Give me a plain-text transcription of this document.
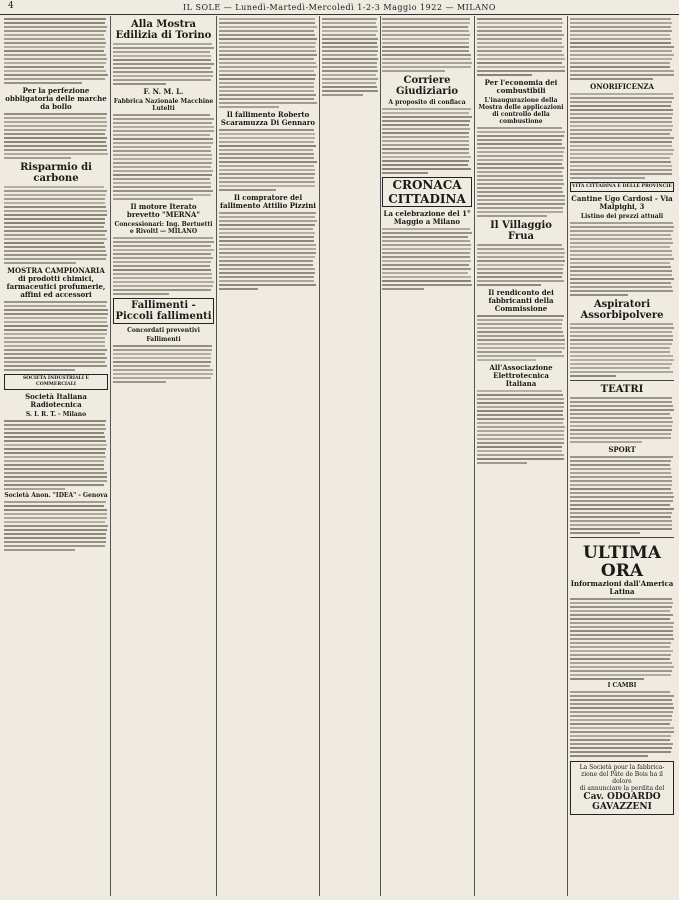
4	IL SOLE — Lunedì-Martedì-Mercoledì 1-2-3 Maggio 1922 — MILANO
Per la perfezione obbligatoria delle marche da bollo
Risparmio di carbone
MOSTRA CAMPIONARIA di prodotti chimici, farmaceutici profumerie, affini ed accessori
SOCIETÀ INDUSTRIALI E COMMERCIALI
Società Italiana Radiotecnica
S. I. R. T. - Milano
Società Anon. "IDEA" - Genova
Alla Mostra Edilizia di Torino
F. N. M. L.
Fabbrica Nazionale Macchine Lutelti
Il motore Iterato brevetto "MERNA"
Concessionari: Ing. Bertuetti e Rivoltl — MILANO
Fallimenti - Piccoli fallimenti
Concordati preventivi
Fallimenti
Il fallimento Roberto Scaramuzza Di Gennaro
Il compratore del fallimento Attilio Pizzini
Corriere Giudiziario
A proposito di conflaca
CRONACA CITTADINA
La celebrazione del 1° Maggio a Milano
Per l'economia dei combustibili
L'inaugurazione della Mostra delle applicazioni di controllo della combustione
Il Villaggio Frua
Il rendiconto dei fabbricanti della Commissione
All'Associazione Elettrotecnica Italiana
ONORIFICENZA
VITA CITTADINA E DELLE PROVINCIE
Cantine Ugo Cardosi - Via Malpighi, 3
Listino dei prezzi attuali
Aspiratori Assorbipolvere
TEATRI
SPORT
ULTIMA ORA
Informazioni dall'America Latina
I CAMBI
La Società pour la fabbrica-
zione del Pâte de Bois ha il dolore
di annunciare la perdita del
Cav. ODOARDO GAVAZZENI
